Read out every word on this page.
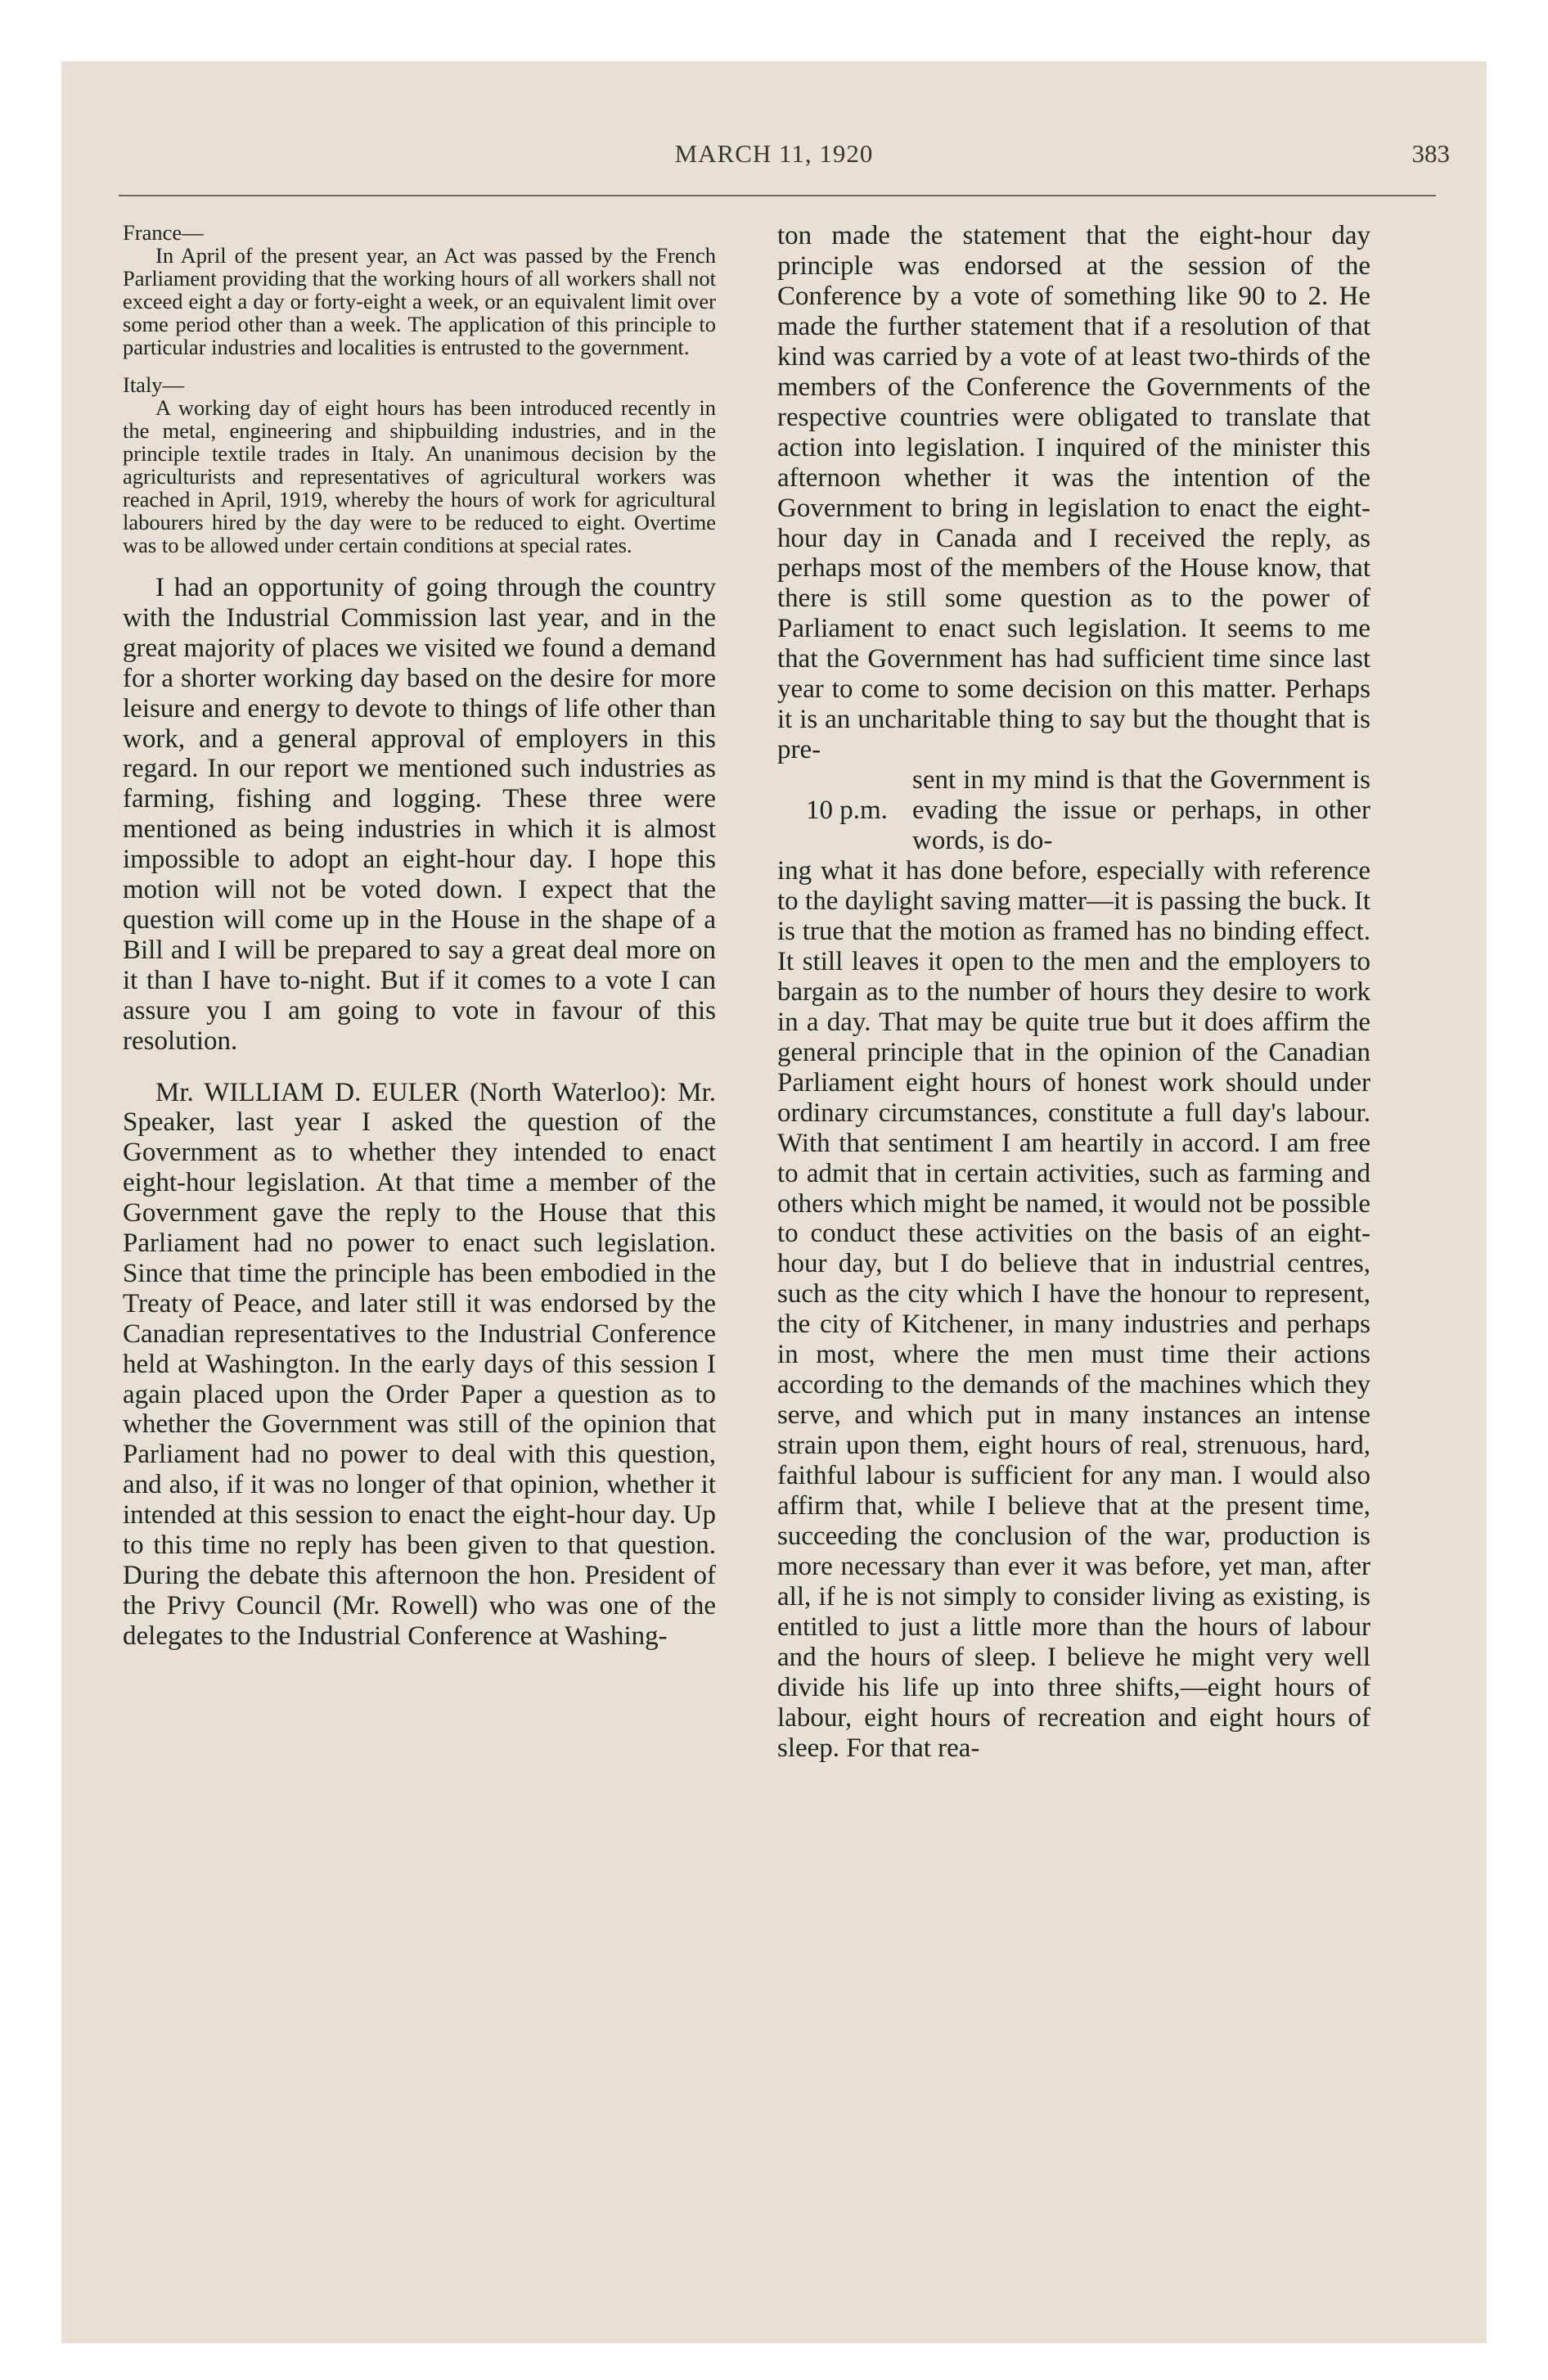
MARCH 11, 1920	383

France—

In April of the present year, an Act was passed by the French Parliament providing that the working hours of all workers shall not exceed eight a day or forty-eight a week, or an equivalent limit over some period other than a week. The application of this principle to particular industries and localities is entrusted to the government.

Italy—

A working day of eight hours has been introduced recently in the metal, engineering and shipbuilding industries, and in the principle textile trades in Italy. An unanimous decision by the agriculturists and representatives of agricultural workers was reached in April, 1919, whereby the hours of work for agricultural labourers hired by the day were to be reduced to eight. Overtime was to be allowed under certain conditions at special rates.

I had an opportunity of going through the country with the Industrial Commission last year, and in the great majority of places we visited we found a demand for a shorter working day based on the desire for more leisure and energy to devote to things of life other than work, and a general approval of employers in this regard. In our report we mentioned such industries as farming, fishing and logging. These three were mentioned as being industries in which it is almost impossible to adopt an eight-hour day. I hope this motion will not be voted down. I expect that the question will come up in the House in the shape of a Bill and I will be prepared to say a great deal more on it than I have to-night. But if it comes to a vote I can assure you I am going to vote in favour of this resolution.

Mr. WILLIAM D. EULER (North Waterloo): Mr. Speaker, last year I asked the question of the Government as to whether they intended to enact eight-hour legislation. At that time a member of the Government gave the reply to the House that this Parliament had no power to enact such legislation. Since that time the principle has been embodied in the Treaty of Peace, and later still it was endorsed by the Canadian representatives to the Industrial Conference held at Washington. In the early days of this session I again placed upon the Order Paper a question as to whether the Government was still of the opinion that Parliament had no power to deal with this question, and also, if it was no longer of that opinion, whether it intended at this session to enact the eight-hour day. Up to this time no reply has been given to that question. During the debate this afternoon the hon. President of the Privy Council (Mr. Rowell) who was one of the delegates to the Industrial Conference at Washing-

ton made the statement that the eight-hour day principle was endorsed at the session of the Conference by a vote of something like 90 to 2. He made the further statement that if a resolution of that kind was carried by a vote of at least two-thirds of the members of the Conference the Governments of the respective countries were obligated to translate that action into legislation. I inquired of the minister this afternoon whether it was the intention of the Government to bring in legislation to enact the eight-hour day in Canada and I received the reply, as perhaps most of the members of the House know, that there is still some question as to the power of Parliament to enact such legislation. It seems to me that the Government has had sufficient time since last year to come to some decision on this matter. Perhaps it is an uncharitable thing to say but the thought that is pre-

10 p.m.

sent in my mind is that the Government is evading the issue or perhaps, in other words, is do-

ing what it has done before, especially with reference to the daylight saving matter—it is passing the buck. It is true that the motion as framed has no binding effect. It still leaves it open to the men and the employers to bargain as to the number of hours they desire to work in a day. That may be quite true but it does affirm the general principle that in the opinion of the Canadian Parliament eight hours of honest work should under ordinary circumstances, constitute a full day's labour. With that sentiment I am heartily in accord. I am free to admit that in certain activities, such as farming and others which might be named, it would not be possible to conduct these activities on the basis of an eight-hour day, but I do believe that in industrial centres, such as the city which I have the honour to represent, the city of Kitchener, in many industries and perhaps in most, where the men must time their actions according to the demands of the machines which they serve, and which put in many instances an intense strain upon them, eight hours of real, strenuous, hard, faithful labour is sufficient for any man. I would also affirm that, while I believe that at the present time, succeeding the conclusion of the war, production is more necessary than ever it was before, yet man, after all, if he is not simply to consider living as existing, is entitled to just a little more than the hours of labour and the hours of sleep. I believe he might very well divide his life up into three shifts,—eight hours of labour, eight hours of recreation and eight hours of sleep. For that rea-
